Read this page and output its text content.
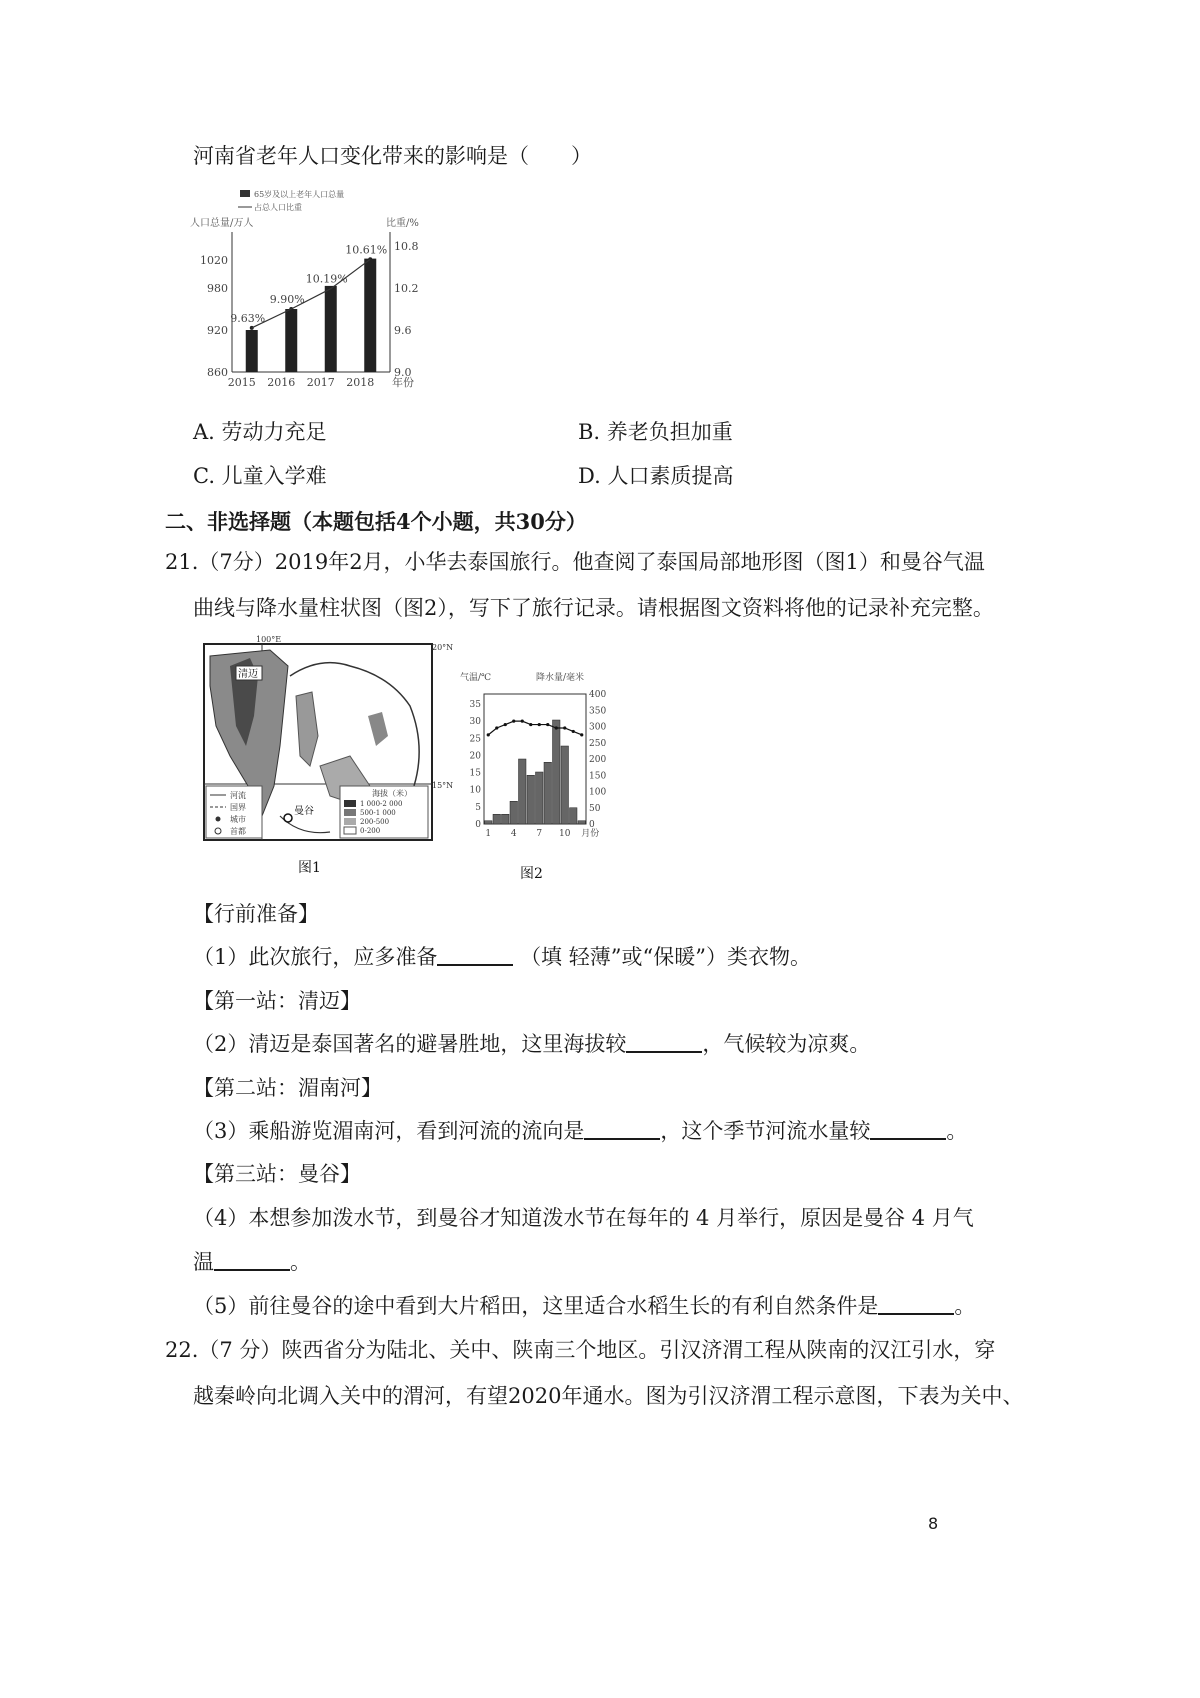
河南省老年人口变化带来的影响是（　　）
65岁及以上老年人口总量
占总人口比重
人口总量/万人	比重/%
860
920
980
1020
9.0
9.6
10.2
10.8
2015
9.63%
2016
9.90%
2017
10.19%
2018
10.61%
年份
A. 劳动力充足	B. 养老负担加重
C. 儿童入学难	D. 人口素质提高
二、非选择题（本题包括4个小题，共30分）
21.（7分）2019年2月，小华去泰国旅行。他查阅了泰国局部地形图（图1）和曼谷气温
曲线与降水量柱状图（图2），写下了旅行记录。请根据图文资料将他的记录补充完整。
海拔（米）
1 000-2 000
500-1 000
200-500
0-200
河流
国界
城市
首都
曼谷
清迈
100°E
20°N
15°N
图1
气温/℃	降水量/毫米
0
5
10
15
20
25
30
35
0
50
100
150
200
250
300
350
400
1 4 7 10 月份
图2
【行前准备】
（1）此次旅行，应多准备	（填 轻薄”或“保暖”）类衣物。
【第一站：清迈】
（2）清迈是泰国著名的避暑胜地，这里海拔较	，气候较为凉爽。
【第二站：湄南河】
（3）乘船游览湄南河，看到河流的流向是	，这个季节河流水量较	。
【第三站：曼谷】
（4）本想参加泼水节，到曼谷才知道泼水节在每年的 4 月举行，原因是曼谷 4 月气
温	。
（5）前往曼谷的途中看到大片稻田，这里适合水稻生长的有利自然条件是	。
22.（7 分）陕西省分为陆北、关中、陕南三个地区。引汉济渭工程从陕南的汉江引水，穿
越秦岭向北调入关中的渭河，有望2020年通水。图为引汉济渭工程示意图，下表为关中、
8
